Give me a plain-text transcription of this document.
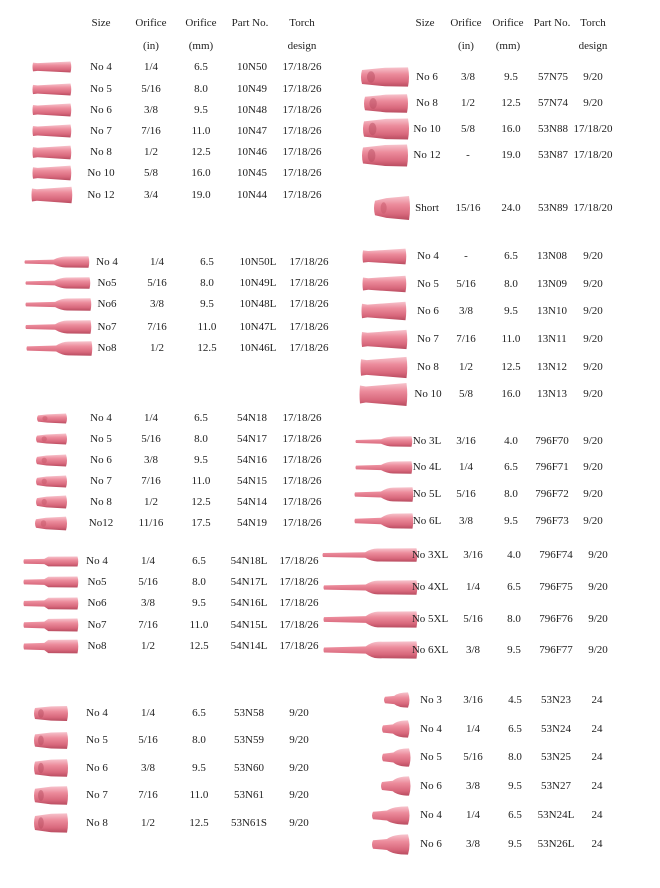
Size Orifice Orifice Part No. Torch
(in)	(mm)	design
Size Orifice Orifice Part No. Torch
(in) (mm)	design
No 4	1/4	6.5	10N50 17/18/26
No 5	5/16	8.0	10N49 17/18/26
No 6	3/8	9.5	10N48 17/18/26
No 7	7/16	11.0 10N47 17/18/26
No 8	1/2	12.5 10N46 17/18/26
No 10	5/8	16.0 10N45 17/18/26
No 12	3/4	19.0 10N44 17/18/26
No 4	1/4	6.5 10N50L 17/18/26
No5	5/16	8.0 10N49L 17/18/26
No6	3/8	9.5 10N48L 17/18/26
No7	7/16	11.0 10N47L 17/18/26
No8	1/2	12.5 10N46L 17/18/26
No 4	1/4	6.5	54N18 17/18/26
No 5	5/16	8.0	54N17 17/18/26
No 6	3/8	9.5	54N16 17/18/26
No 7	7/16	11.0 54N15 17/18/26
No 8	1/2	12.5 54N14 17/18/26
No12 11/16	17.5 54N19 17/18/26
No 4	1/4	6.5 54N18L 17/18/26
No5	5/16	8.0 54N17L 17/18/26
No6	3/8	9.5 54N16L 17/18/26
No7	7/16	11.0 54N15L 17/18/26
No8	1/2	12.5 54N14L 17/18/26
No 4	1/4	6.5	53N58 9/20
No 5	5/16	8.0	53N59 9/20
No 6	3/8	9.5	53N60 9/20
No 7	7/16	11.0 53N61 9/20
No 8	1/2	12.5 53N61S 9/20
No 6 3/8	9.5 57N75 9/20
No 8 1/2 12.5 57N74 9/20
No 10 5/8 16.0 53N88 17/18/20
No 12 -	19.0 53N87 17/18/20
Short 15/16 24.0 53N89 17/18/20
No 4 -	6.5 13N08 9/20
No 5 5/16	8.0 13N09 9/20
No 6 3/8	9.5 13N10 9/20
No 7 7/16 11.0 13N11 9/20
No 8 1/2	12.5 13N12 9/20
No 10 5/8	16.0 13N13 9/20
No 3L 3/16	4.0 796F70 9/20
No 4L 1/4	6.5 796F71 9/20
No 5L 5/16	8.0 796F72 9/20
No 6L 3/8	9.5 796F73 9/20
No 3XL 3/16 4.0 796F74 9/20
No 4XL 1/4 6.5 796F75 9/20
No 5XL 5/16 8.0 796F76 9/20
No 6XL 3/8 9.5 796F77 9/20
No 3 3/16 4.5 53N23 24
No 4 1/4	6.5 53N24 24
No 5 5/16 8.0 53N25 24
No 6 3/8	9.5 53N27 24
No 4 1/4	6.5 53N24L 24
No 6 3/8	9.5 53N26L 24
